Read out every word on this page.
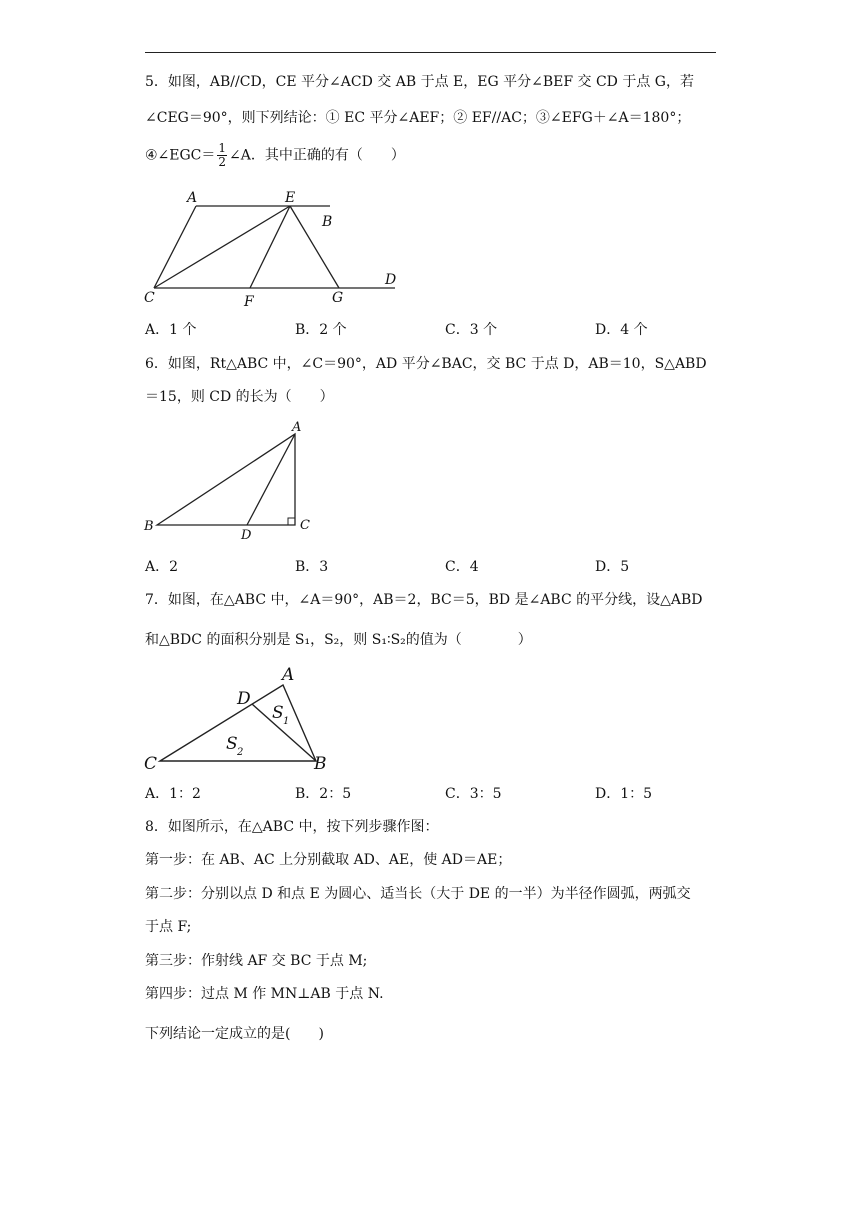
5．如图，AB//CD，CE 平分∠ACD 交 AB 于点 E，EG 平分∠BEF 交 CD 于点 G，若
∠CEG＝90°，则下列结论：① EC 平分∠AEF；② EF//AC；③∠EFG＋∠A＝180°；
④∠EGC＝ $\frac{1}{2}$ ∠A．其中正确的有（　　）
A	E
B
C	F	G
D
A．1 个	B．2 个	C．3 个	D．4 个
6．如图，Rt△ABC 中，∠C＝90°，AD 平分∠BAC，交 BC 于点 D，AB＝10，S△ABD
＝15，则 CD 的长为（　　）
A
B
D
C
A．2	B．3	C．4	D．5
7．如图，在△ABC 中，∠A＝90°，AB＝2，BC＝5，BD 是∠ABC 的平分线，设△ABD
和△BDC 的面积分别是 S₁，S₂，则 S₁∶S₂的值为（　　　　）
A
D
C	B
S 1
S 2
A．1：2	B．2：5	C．3：5	D．1：5
8．如图所示，在△ABC 中，按下列步骤作图：
第一步：在 AB、AC 上分别截取 AD、AE，使 AD＝AE；
第二步：分别以点 D 和点 E 为圆心、适当长（大于 DE 的一半）为半径作圆弧，两弧交
于点 F;
第三步：作射线 AF 交 BC 于点 M;
第四步：过点 M 作 MN⊥AB 于点 N.
下列结论一定成立的是(　　)
